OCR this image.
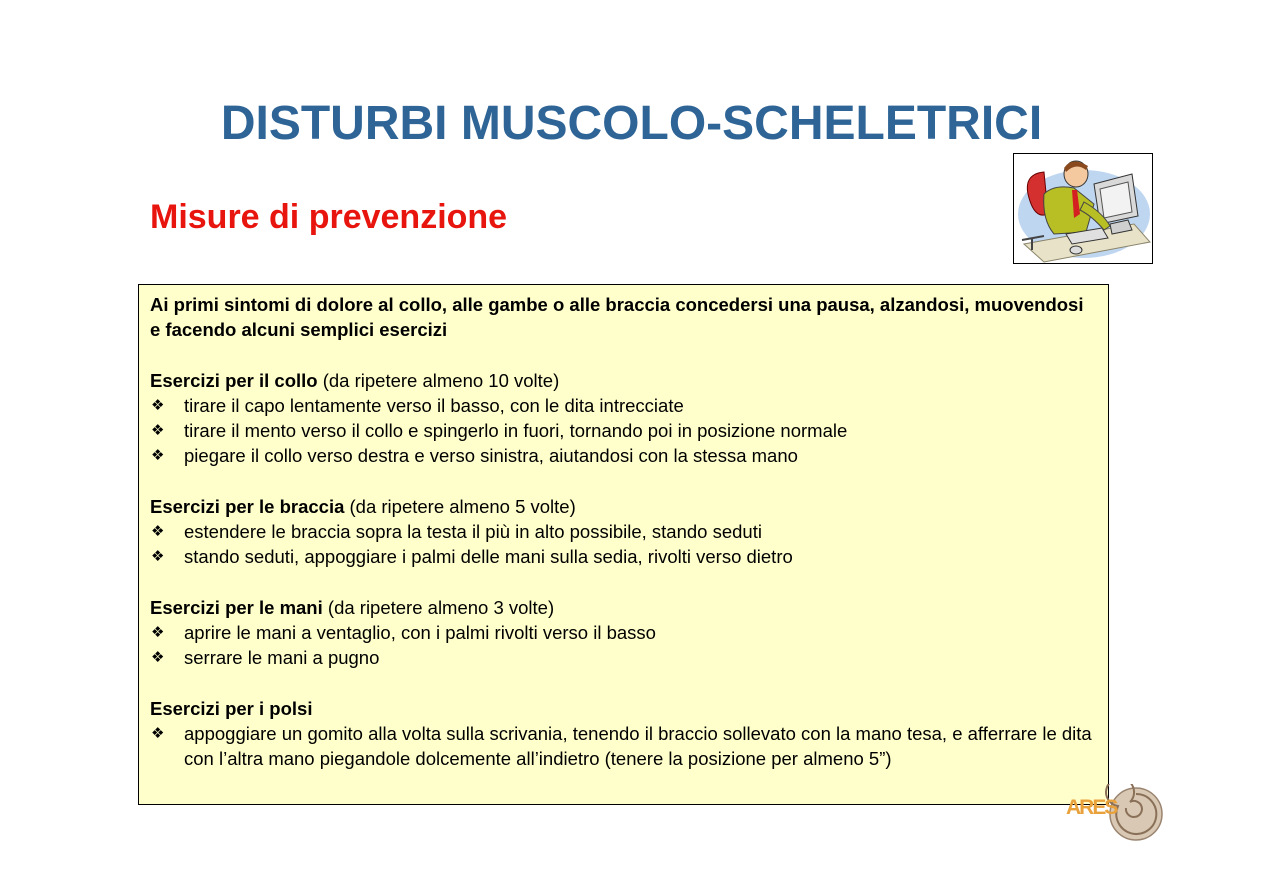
DISTURBI MUSCOLO-SCHELETRICI
Misure di prevenzione
Ai primi sintomi di dolore al collo, alle gambe o alle braccia concedersi una pausa, alzandosi, muovendosi e facendo alcuni semplici esercizi
Esercizi per il collo (da ripetere almeno 10 volte)
❖ tirare il capo lentamente verso il basso, con le dita intrecciate
❖ tirare il mento verso il collo e spingerlo in fuori, tornando poi in posizione normale
❖ piegare il collo verso destra e verso sinistra, aiutandosi con la stessa mano
Esercizi per le braccia (da ripetere almeno 5 volte)
❖ estendere le braccia sopra la testa il più in alto possibile, stando seduti
❖ stando seduti, appoggiare i palmi delle mani sulla sedia, rivolti verso dietro
Esercizi per le mani (da ripetere almeno 3 volte)
❖ aprire le mani a ventaglio, con i palmi rivolti verso il basso
❖ serrare le mani a pugno
Esercizi per i polsi
❖ appoggiare un gomito alla volta sulla scrivania, tenendo il braccio sollevato con la mano tesa, e afferrare le dita con l’altra mano piegandole dolcemente all’indietro (tenere la posizione per almeno 5”)
ARES
